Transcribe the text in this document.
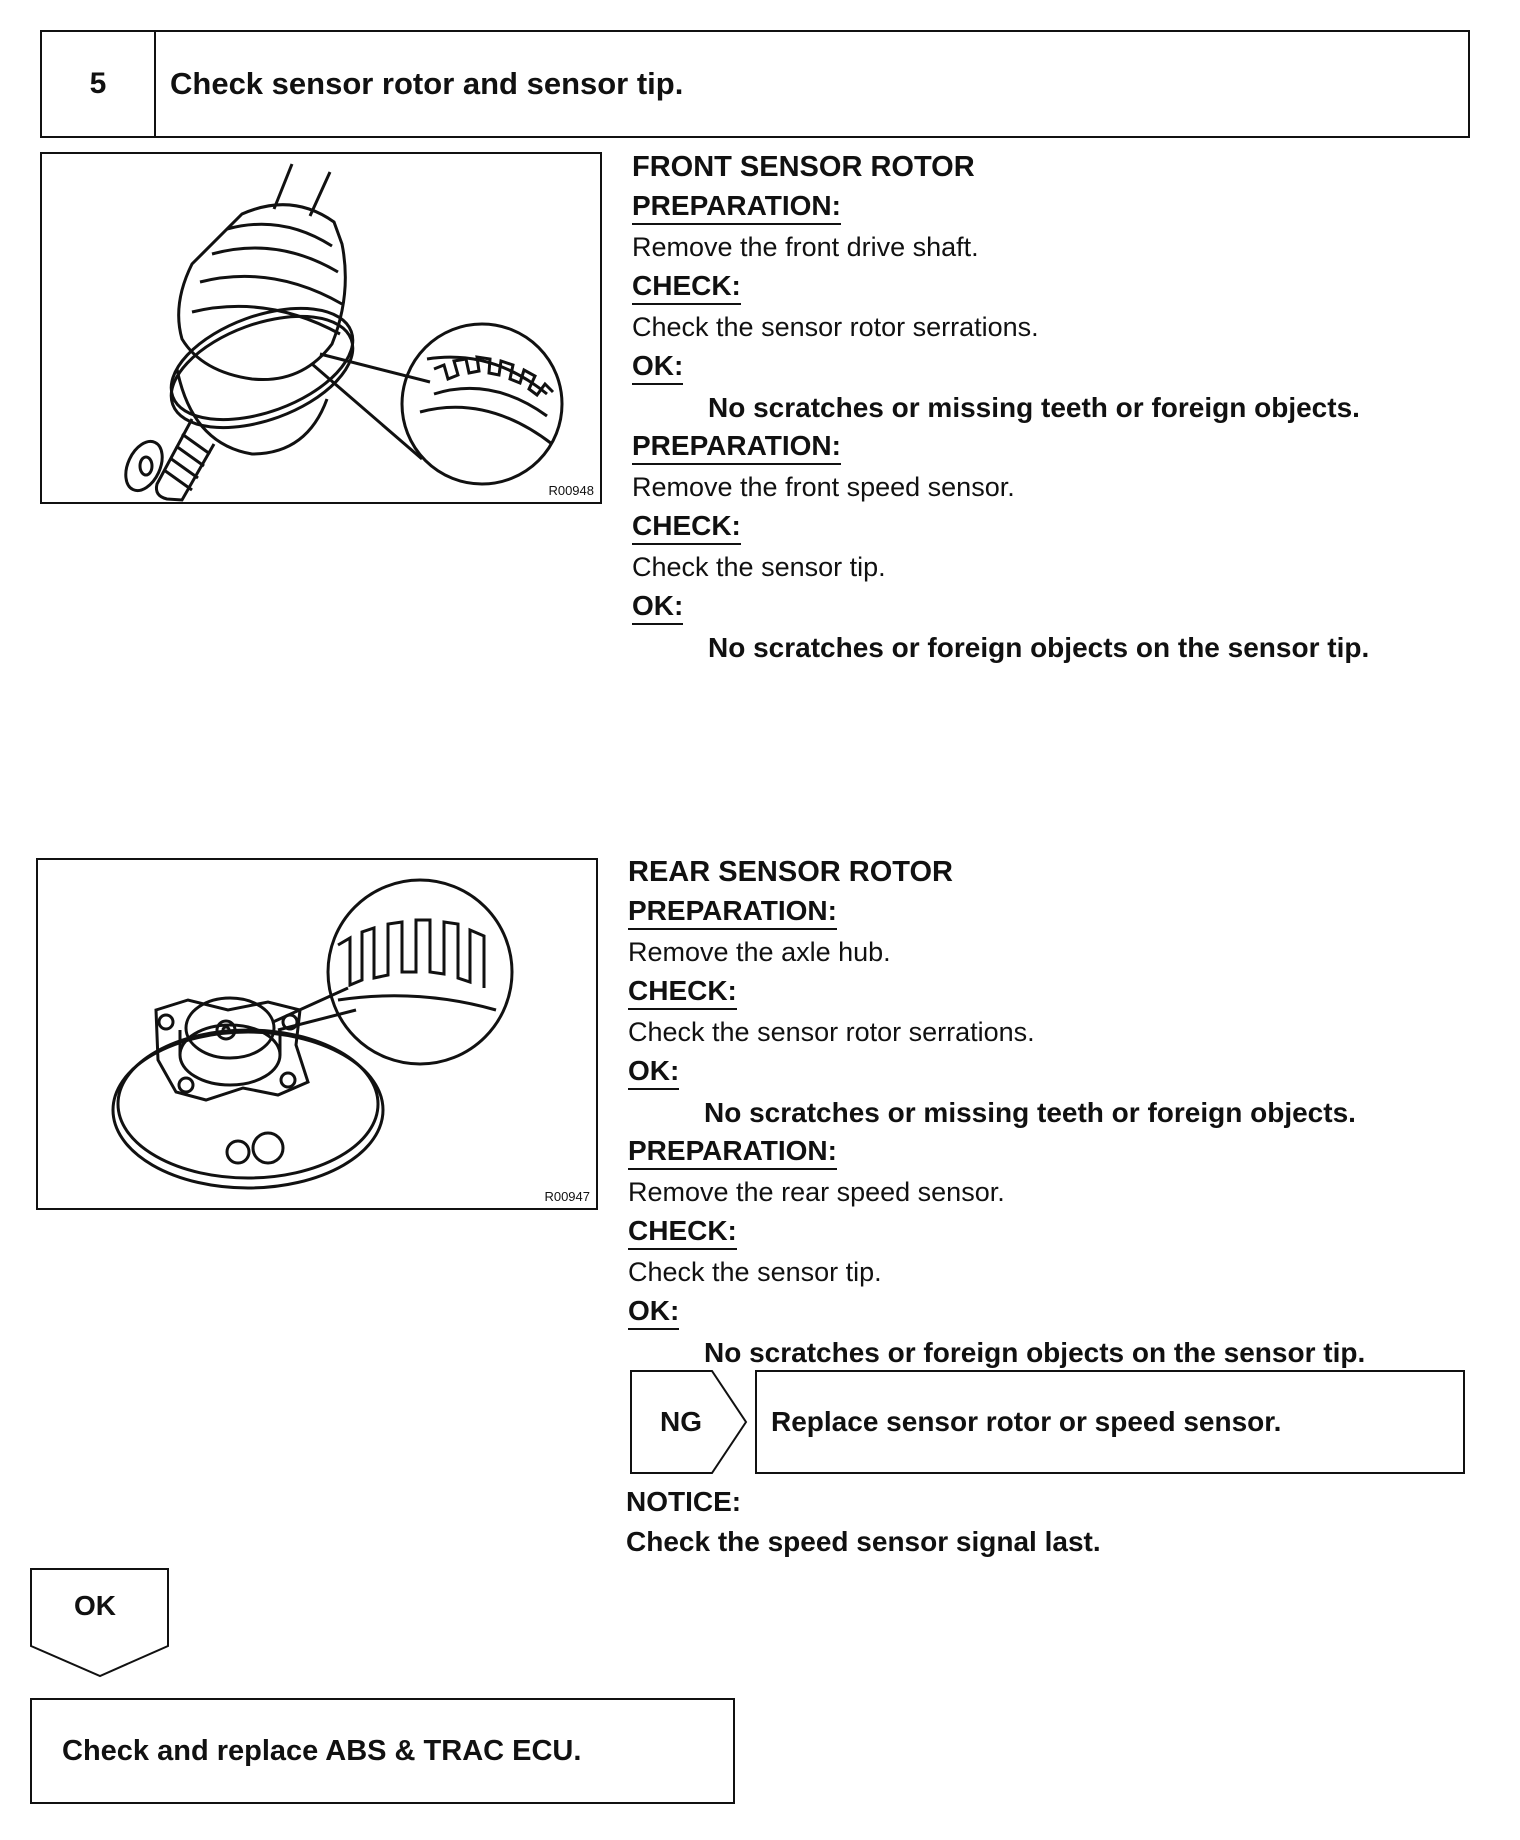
5	Check sensor rotor and sensor tip.
R00948
FRONT SENSOR ROTOR
PREPARATION:
Remove the front drive shaft.
CHECK:
Check the sensor rotor serrations.
OK:
No scratches or missing teeth or foreign objects.
PREPARATION:
Remove the front speed sensor.
CHECK:
Check the sensor tip.
OK:
No scratches or foreign objects on the sensor tip.
R00947
REAR SENSOR ROTOR
PREPARATION:
Remove the axle hub.
CHECK:
Check the sensor rotor serrations.
OK:
No scratches or missing teeth or foreign objects.
PREPARATION:
Remove the rear speed sensor.
CHECK:
Check the sensor tip.
OK:
No scratches or foreign objects on the sensor tip.
NG Replace sensor rotor or speed sensor.
NOTICE:
Check the speed sensor signal last.
OK
Check and replace ABS & TRAC ECU.
